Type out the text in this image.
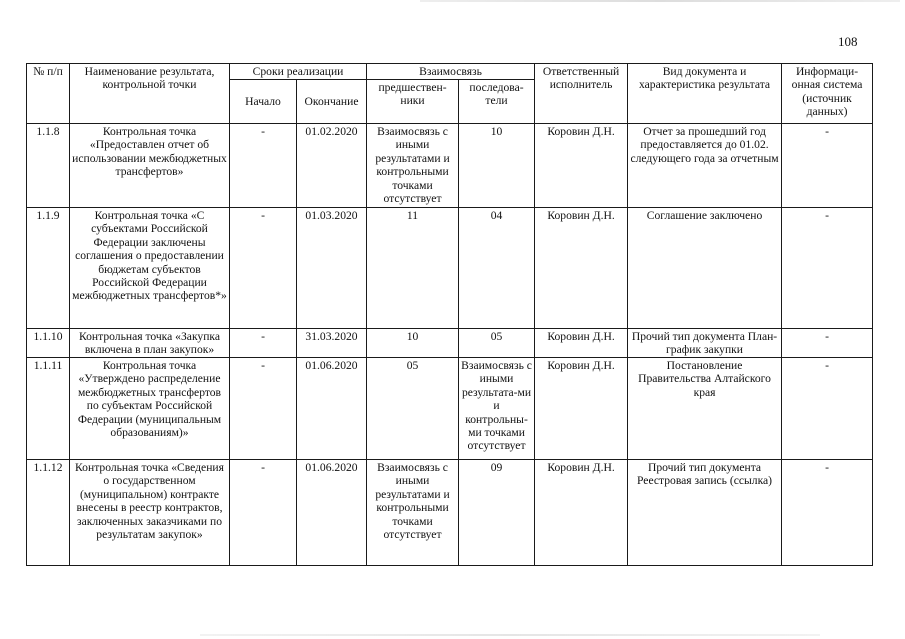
108
№ п/п	Наименование результата, контрольной точки	Сроки реализации		Взаимосвязь		Ответственный исполнитель	Вид документа и характеристика результата	Информаци-онная система (источник данных)
		Начало	Окончание	предшествен-ники	последова-тели			
1.1.8	Контрольная точка «Предоставлен отчет об использовании межбюджетных трансфертов»	-	01.02.2020	Взаимосвязь с иными результатами и контрольными точками отсутствует	10	Коровин Д.Н.	Отчет за прошедший год предоставляется до 01.02. следующего года за отчетным	-
1.1.9	Контрольная точка «С субъектами Российской Федерации заключены соглашения о предоставлении бюджетам субъектов Российской Федерации межбюджетных трансфертов*»	-	01.03.2020	11	04	Коровин Д.Н.	Соглашение заключено	-
1.1.10	Контрольная точка «Закупка включена в план закупок»	-	31.03.2020	10	05	Коровин Д.Н.	Прочий тип документа План-график закупки	-
1.1.11	Контрольная точка «Утверждено распределение межбюджетных трансфертов по субъектам Российской Федерации (муниципальным образованиям)»	-	01.06.2020	05	Взаимосвязь с иными результата-ми и контрольны-ми точками отсутствует	Коровин Д.Н.	Постановление Правительства Алтайского края	-
1.1.12	Контрольная точка «Сведения о государственном (муниципальном) контракте внесены в реестр контрактов, заключенных заказчиками по результатам закупок»	-	01.06.2020	Взаимосвязь с иными результатами и контрольными точками отсутствует	09	Коровин Д.Н.	Прочий тип документа Реестровая запись (ссылка)	-
